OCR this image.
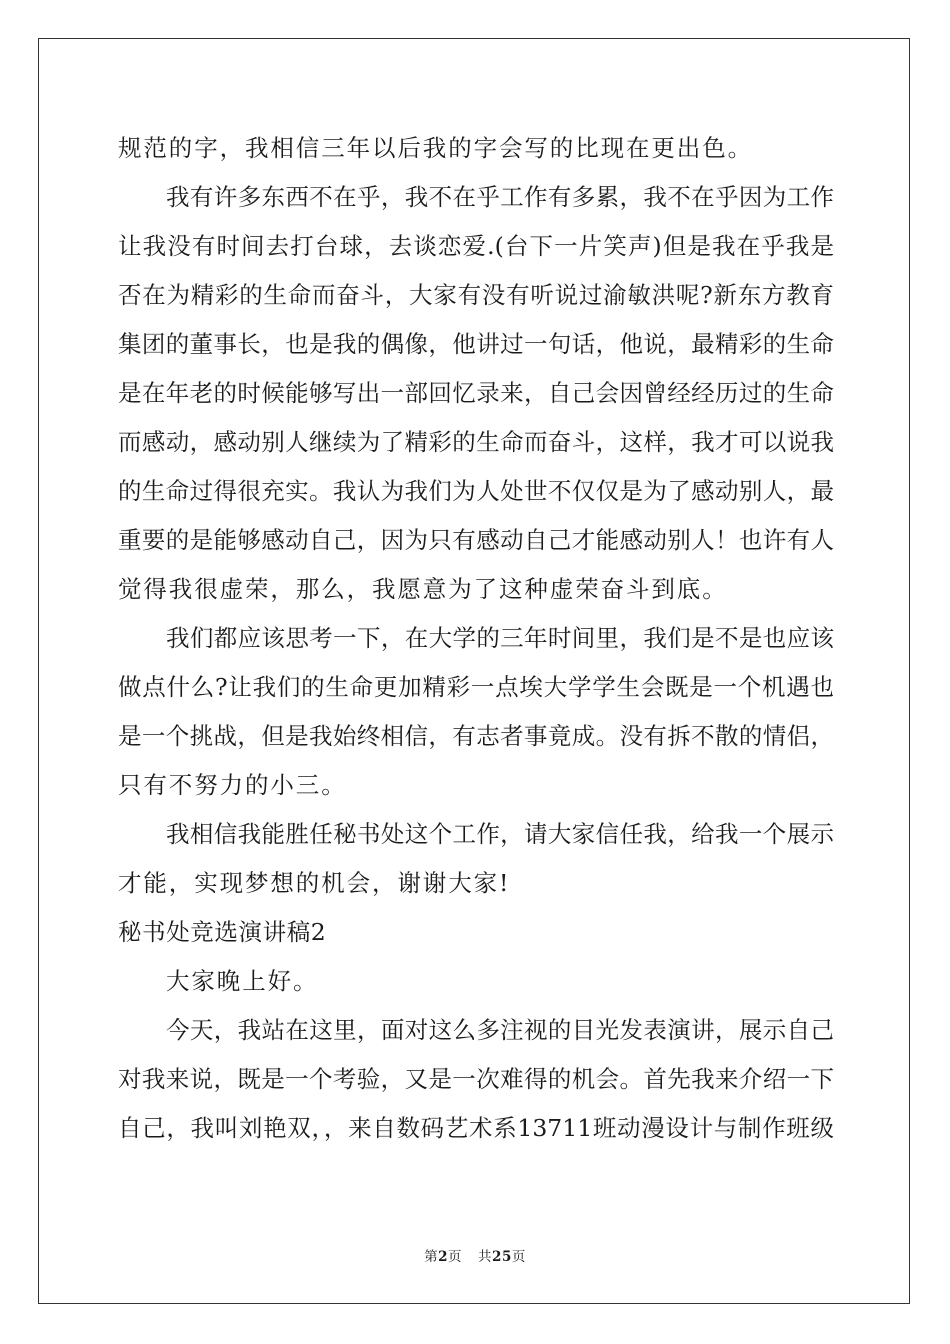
规范的字，我相信三年以后我的字会写的比现在更出色。
我有许多东西不在乎，我不在乎工作有多累，我不在乎因为工作
让我没有时间去打台球，去谈恋爱.(台下一片笑声)但是我在乎我是
否在为精彩的生命而奋斗，大家有没有听说过渝敏洪呢?新东方教育
集团的董事长，也是我的偶像，他讲过一句话，他说，最精彩的生命
是在年老的时候能够写出一部回忆录来，自己会因曾经经历过的生命
而感动，感动别人继续为了精彩的生命而奋斗，这样，我才可以说我
的生命过得很充实。我认为我们为人处世不仅仅是为了感动别人，最
重要的是能够感动自己，因为只有感动自己才能感动别人！也许有人
觉得我很虚荣，那么，我愿意为了这种虚荣奋斗到底。
我们都应该思考一下，在大学的三年时间里，我们是不是也应该
做点什么?让我们的生命更加精彩一点埃大学学生会既是一个机遇也
是一个挑战，但是我始终相信，有志者事竟成。没有拆不散的情侣，
只有不努力的小三。
我相信我能胜任秘书处这个工作，请大家信任我，给我一个展示
才能，实现梦想的机会，谢谢大家!
秘书处竞选演讲稿2
大家晚上好。
今天，我站在这里，面对这么多注视的目光发表演讲，展示自己
对我来说，既是一个考验，又是一次难得的机会。首先我来介绍一下
自己，我叫刘艳双，，来自数码艺术系13711班动漫设计与制作班级
第2页 共25页
